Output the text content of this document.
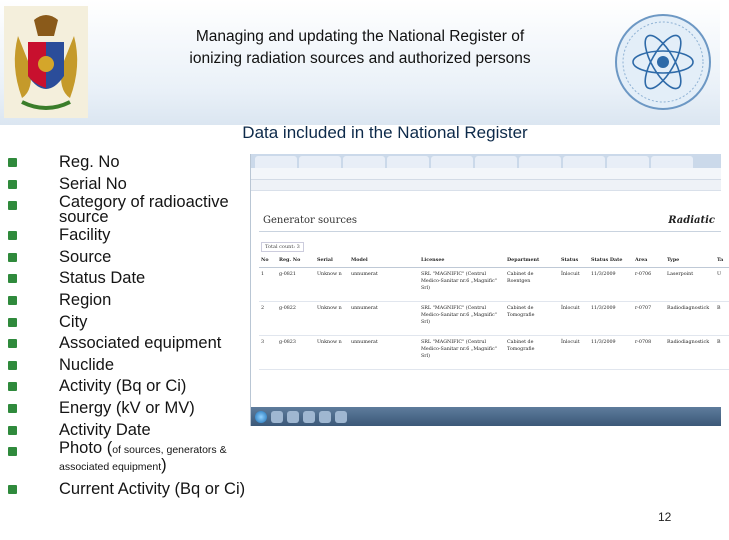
Managing and updating the National Register of
ionizing radiation sources and authorized persons
Data included in the National Register
Reg. No
Serial No
Category of radioactive
source
Facility
Source
Status Date
Region
City
Associated equipment
Nuclide
Activity (Bq or Ci)
Energy (kV or MV)
Activity Date
Photo (of sources, generators &
associated equipment)
Current Activity (Bq or Ci)
Generator sources	Radiatic
Total count: 3
No	Reg. No	Serial	Model	Licensee	Department	Status	Status Date	Area	Type	Ta
1	g-0821	Unknow n	unnumerat	SRL "MAGNIFIC" (Centrul Medico-Sanitar nr.6 „Magnific" Srl)	Cabinet de Roentgen	Înlocuit	11/3/2009	r-0706	Laserpoint	U
2	g-0822	Unknow n	unnumerat	SRL "MAGNIFIC" (Centrul Medico-Sanitar nr.6 „Magnific" Srl)	Cabinet de Tomografie	Înlocuit	11/3/2009	r-0707	Radiodiagnostick	B
3	g-0823	Unknow n	unnumerat	SRL "MAGNIFIC" (Centrul Medico-Sanitar nr.6 „Magnific" Srl)	Cabinet de Tomografie	Înlocuit	11/3/2009	r-0708	Radiodiagnostick	B
12
